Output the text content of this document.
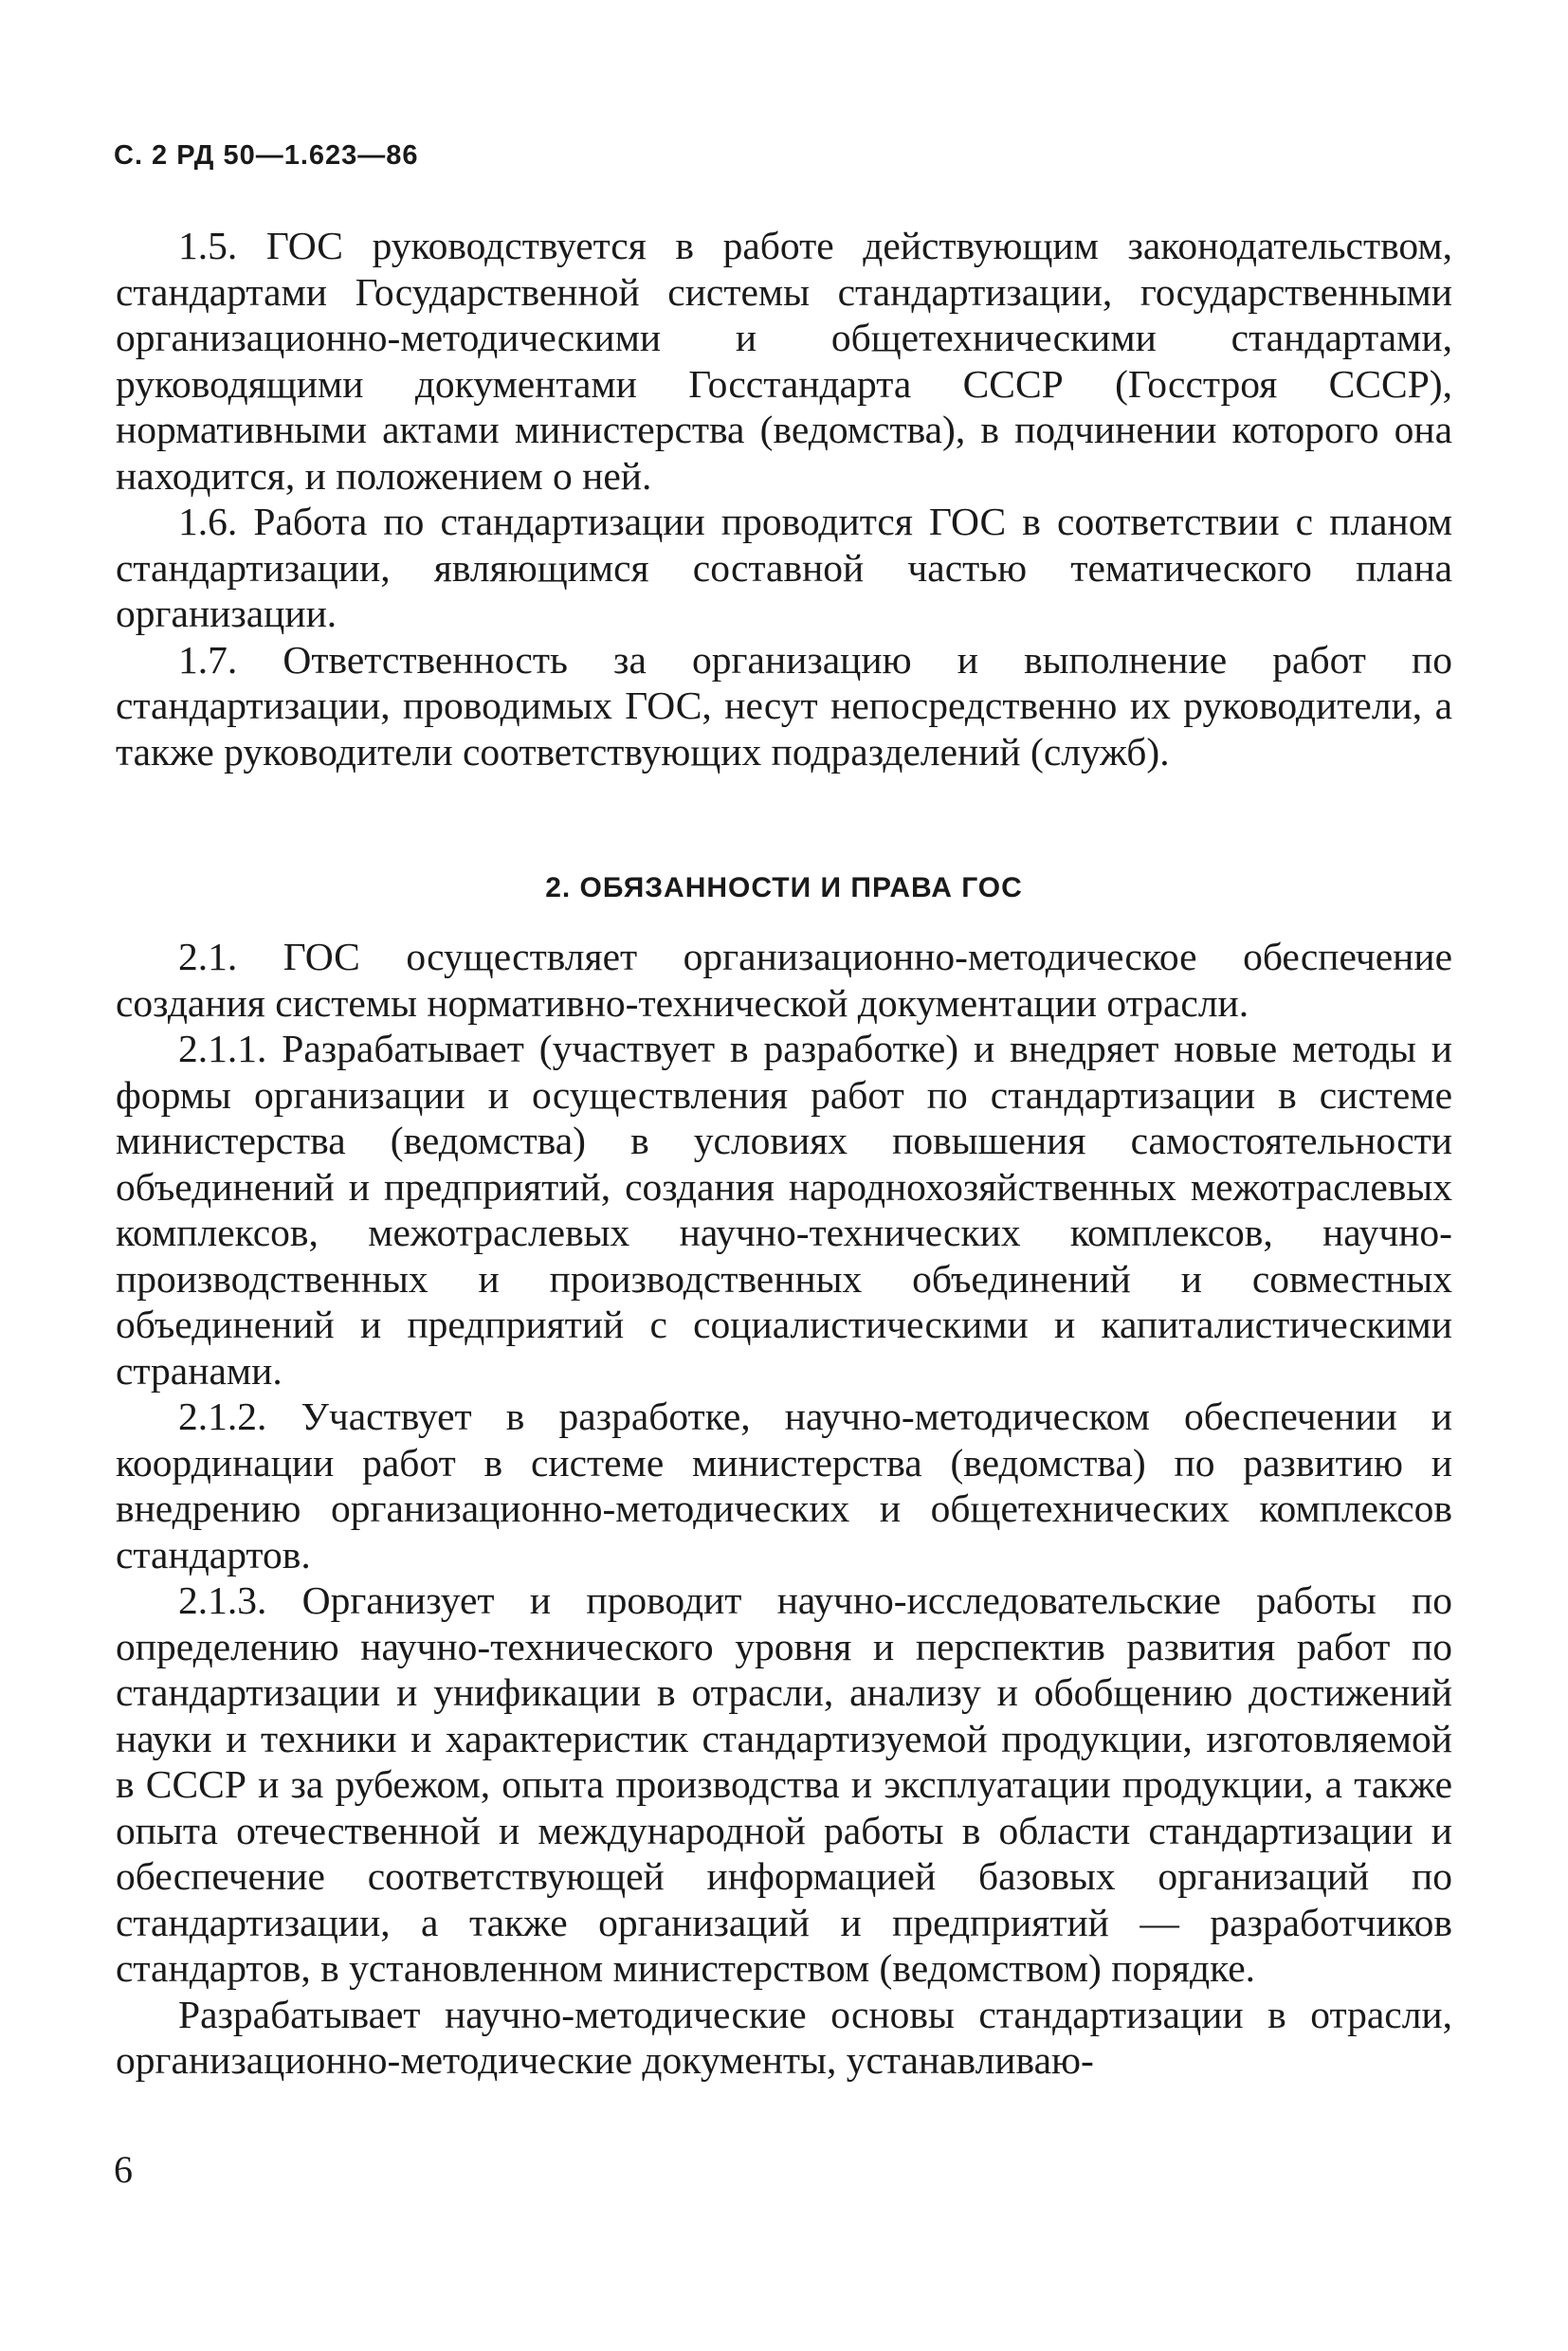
С. 2 РД 50—1.623—86

1.5. ГОС руководствуется в работе действующим законодательством, стандартами Государственной системы стандартизации, государственными организационно-методическими и общетехническими стандартами, руководящими документами Госстандарта СССР (Госстроя СССР), нормативными актами министерства (ведомства), в подчинении которого она находится, и положением о ней.

1.6. Работа по стандартизации проводится ГОС в соответствии с планом стандартизации, являющимся составной частью тематического плана организации.

1.7. Ответственность за организацию и выполнение работ по стандартизации, проводимых ГОС, несут непосредственно их руководители, а также руководители соответствующих подразделений (служб).

2. ОБЯЗАННОСТИ И ПРАВА ГОС

2.1. ГОС осуществляет организационно-методическое обеспечение создания системы нормативно-технической документации отрасли.

2.1.1. Разрабатывает (участвует в разработке) и внедряет новые методы и формы организации и осуществления работ по стандартизации в системе министерства (ведомства) в условиях повышения самостоятельности объединений и предприятий, создания народнохозяйственных межотраслевых комплексов, межотраслевых научно-технических комплексов, научно-производственных и производственных объединений и совместных объединений и предприятий с социалистическими и капиталистическими странами.

2.1.2. Участвует в разработке, научно-методическом обеспечении и координации работ в системе министерства (ведомства) по развитию и внедрению организационно-методических и общетехнических комплексов стандартов.

2.1.3. Организует и проводит научно-исследовательские работы по определению научно-технического уровня и перспектив развития работ по стандартизации и унификации в отрасли, анализу и обобщению достижений науки и техники и характеристик стандартизуемой продукции, изготовляемой в СССР и за рубежом, опыта производства и эксплуатации продукции, а также опыта отечественной и международной работы в области стандартизации и обеспечение соответствующей информацией базовых организаций по стандартизации, а также организаций и предприятий — разработчиков стандартов, в установленном министерством (ведомством) порядке.

Разрабатывает научно-методические основы стандартизации в отрасли, организационно-методические документы, устанавливаю-

6
